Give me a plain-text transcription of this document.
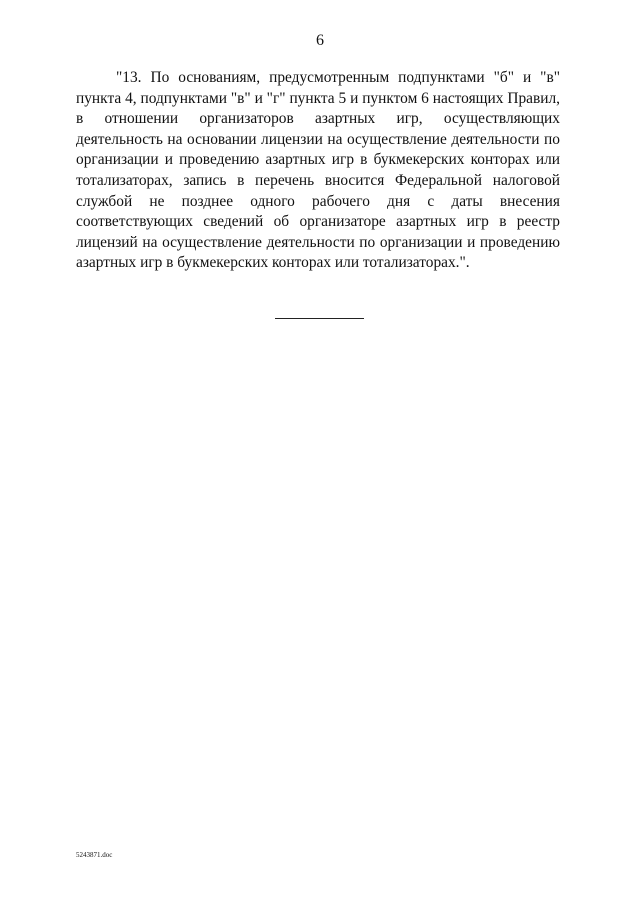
6

"13. По основаниям, предусмотренным подпунктами "б" и "в" пункта 4, подпунктами "в" и "г" пункта 5 и пунктом 6 настоящих Правил, в отношении организаторов азартных игр, осуществляющих деятельность на основании лицензии на осуществление деятельности по организации и проведению азартных игр в букмекерских конторах или тотализаторах, запись в перечень вносится Федеральной налоговой службой не позднее одного рабочего дня с даты внесения соответствующих сведений об организаторе азартных игр в реестр лицензий на осуществление деятельности по организации и проведению азартных игр в букмекерских конторах или тотализаторах.".

5243871.doc
